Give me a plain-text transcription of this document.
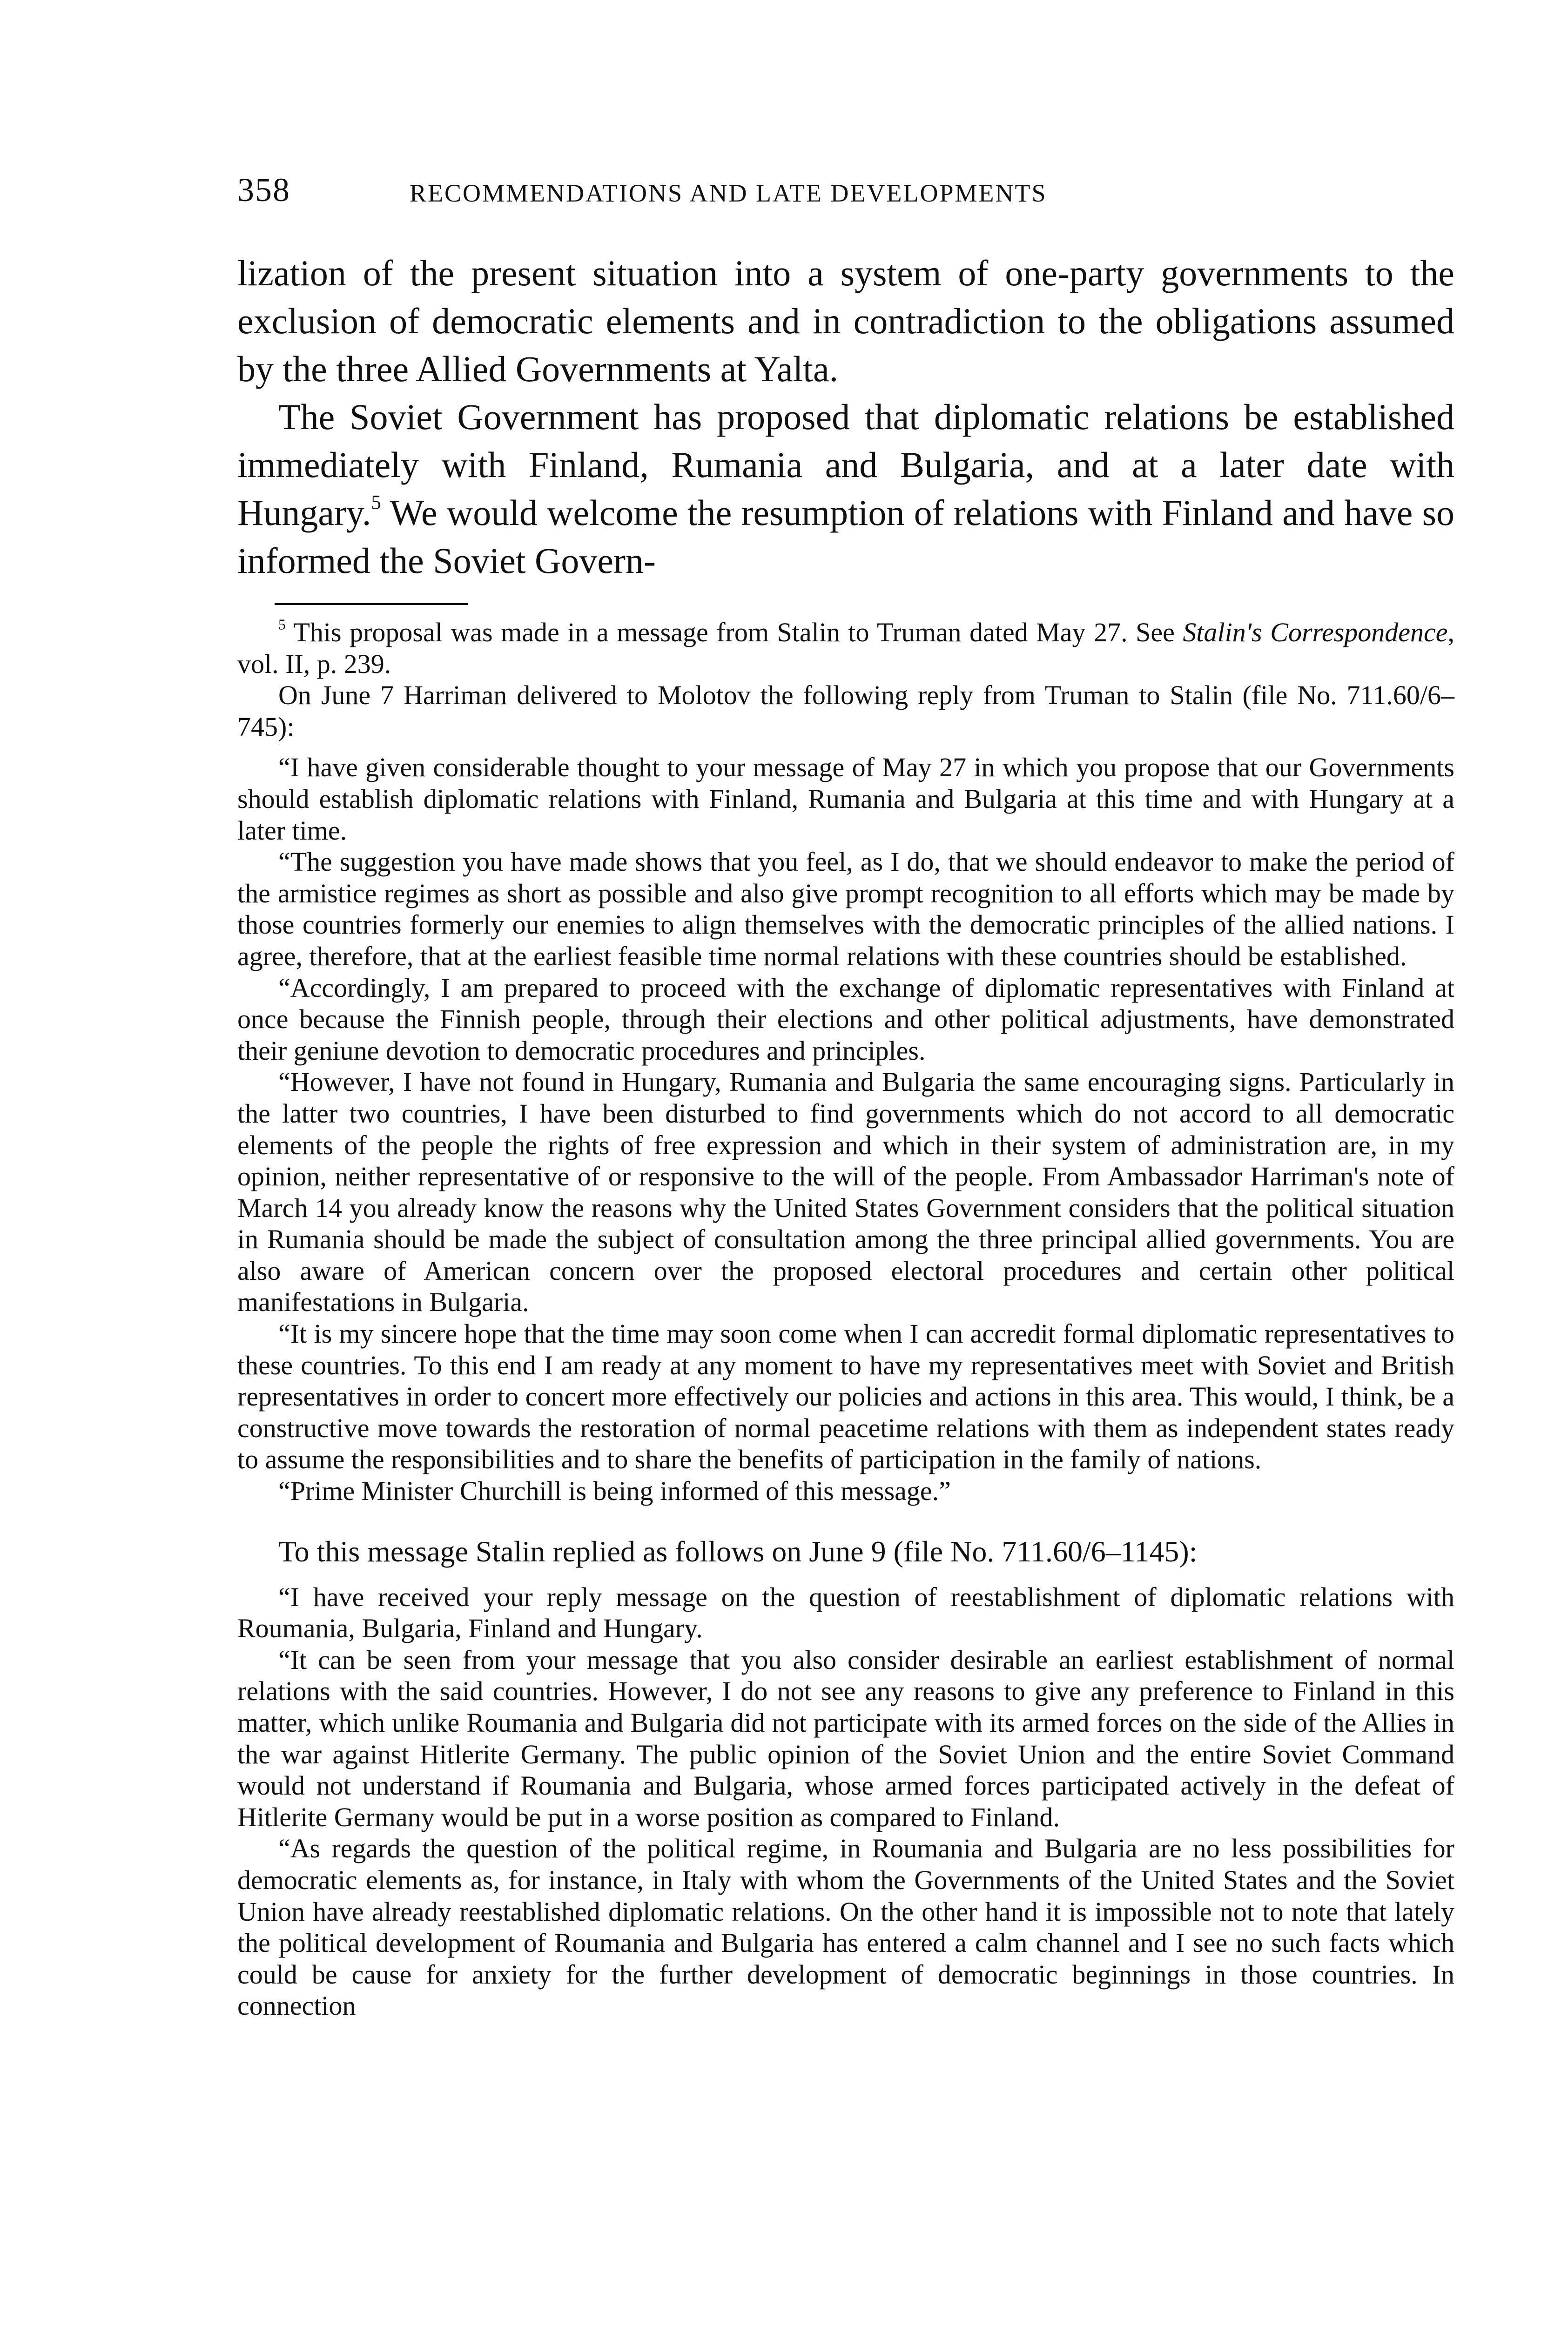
358	RECOMMENDATIONS AND LATE DEVELOPMENTS

lization of the present situation into a system of one-party governments to the exclusion of democratic elements and in contradiction to the obligations assumed by the three Allied Governments at Yalta.

The Soviet Government has proposed that diplomatic relations be established immediately with Finland, Rumania and Bulgaria, and at a later date with Hungary.$^5$ We would welcome the resumption of relations with Finland and have so informed the Soviet Govern-

$^5$ This proposal was made in a message from Stalin to Truman dated May 27. See Stalin's Correspondence, vol. II, p. 239.

On June 7 Harriman delivered to Molotov the following reply from Truman to Stalin (file No. 711.60/6–745):

“I have given considerable thought to your message of May 27 in which you propose that our Governments should establish diplomatic relations with Finland, Rumania and Bulgaria at this time and with Hungary at a later time.

“The suggestion you have made shows that you feel, as I do, that we should endeavor to make the period of the armistice regimes as short as possible and also give prompt recognition to all efforts which may be made by those countries formerly our enemies to align themselves with the democratic principles of the allied nations. I agree, therefore, that at the earliest feasible time normal relations with these countries should be established.

“Accordingly, I am prepared to proceed with the exchange of diplomatic representatives with Finland at once because the Finnish people, through their elections and other political adjustments, have demonstrated their geniune devotion to democratic procedures and principles.

“However, I have not found in Hungary, Rumania and Bulgaria the same encouraging signs. Particularly in the latter two countries, I have been disturbed to find governments which do not accord to all democratic elements of the people the rights of free expression and which in their system of administration are, in my opinion, neither representative of or responsive to the will of the people. From Ambassador Harriman's note of March 14 you already know the reasons why the United States Government considers that the political situation in Rumania should be made the subject of consultation among the three principal allied governments. You are also aware of American concern over the proposed electoral procedures and certain other political manifestations in Bulgaria.

“It is my sincere hope that the time may soon come when I can accredit formal diplomatic representatives to these countries. To this end I am ready at any moment to have my representatives meet with Soviet and British representatives in order to concert more effectively our policies and actions in this area. This would, I think, be a constructive move towards the restoration of normal peacetime relations with them as independent states ready to assume the responsibilities and to share the benefits of participation in the family of nations.

“Prime Minister Churchill is being informed of this message.”

To this message Stalin replied as follows on June 9 (file No. 711.60/6–1145):

“I have received your reply message on the question of reestablishment of diplomatic relations with Roumania, Bulgaria, Finland and Hungary.

“It can be seen from your message that you also consider desirable an earliest establishment of normal relations with the said countries. However, I do not see any reasons to give any preference to Finland in this matter, which unlike Roumania and Bulgaria did not participate with its armed forces on the side of the Allies in the war against Hitlerite Germany. The public opinion of the Soviet Union and the entire Soviet Command would not understand if Roumania and Bulgaria, whose armed forces participated actively in the defeat of Hitlerite Germany would be put in a worse position as compared to Finland.

“As regards the question of the political regime, in Roumania and Bulgaria are no less possibilities for democratic elements as, for instance, in Italy with whom the Governments of the United States and the Soviet Union have already reestablished diplomatic relations. On the other hand it is impossible not to note that lately the political development of Roumania and Bulgaria has entered a calm channel and I see no such facts which could be cause for anxiety for the further development of democratic beginnings in those countries. In connection
